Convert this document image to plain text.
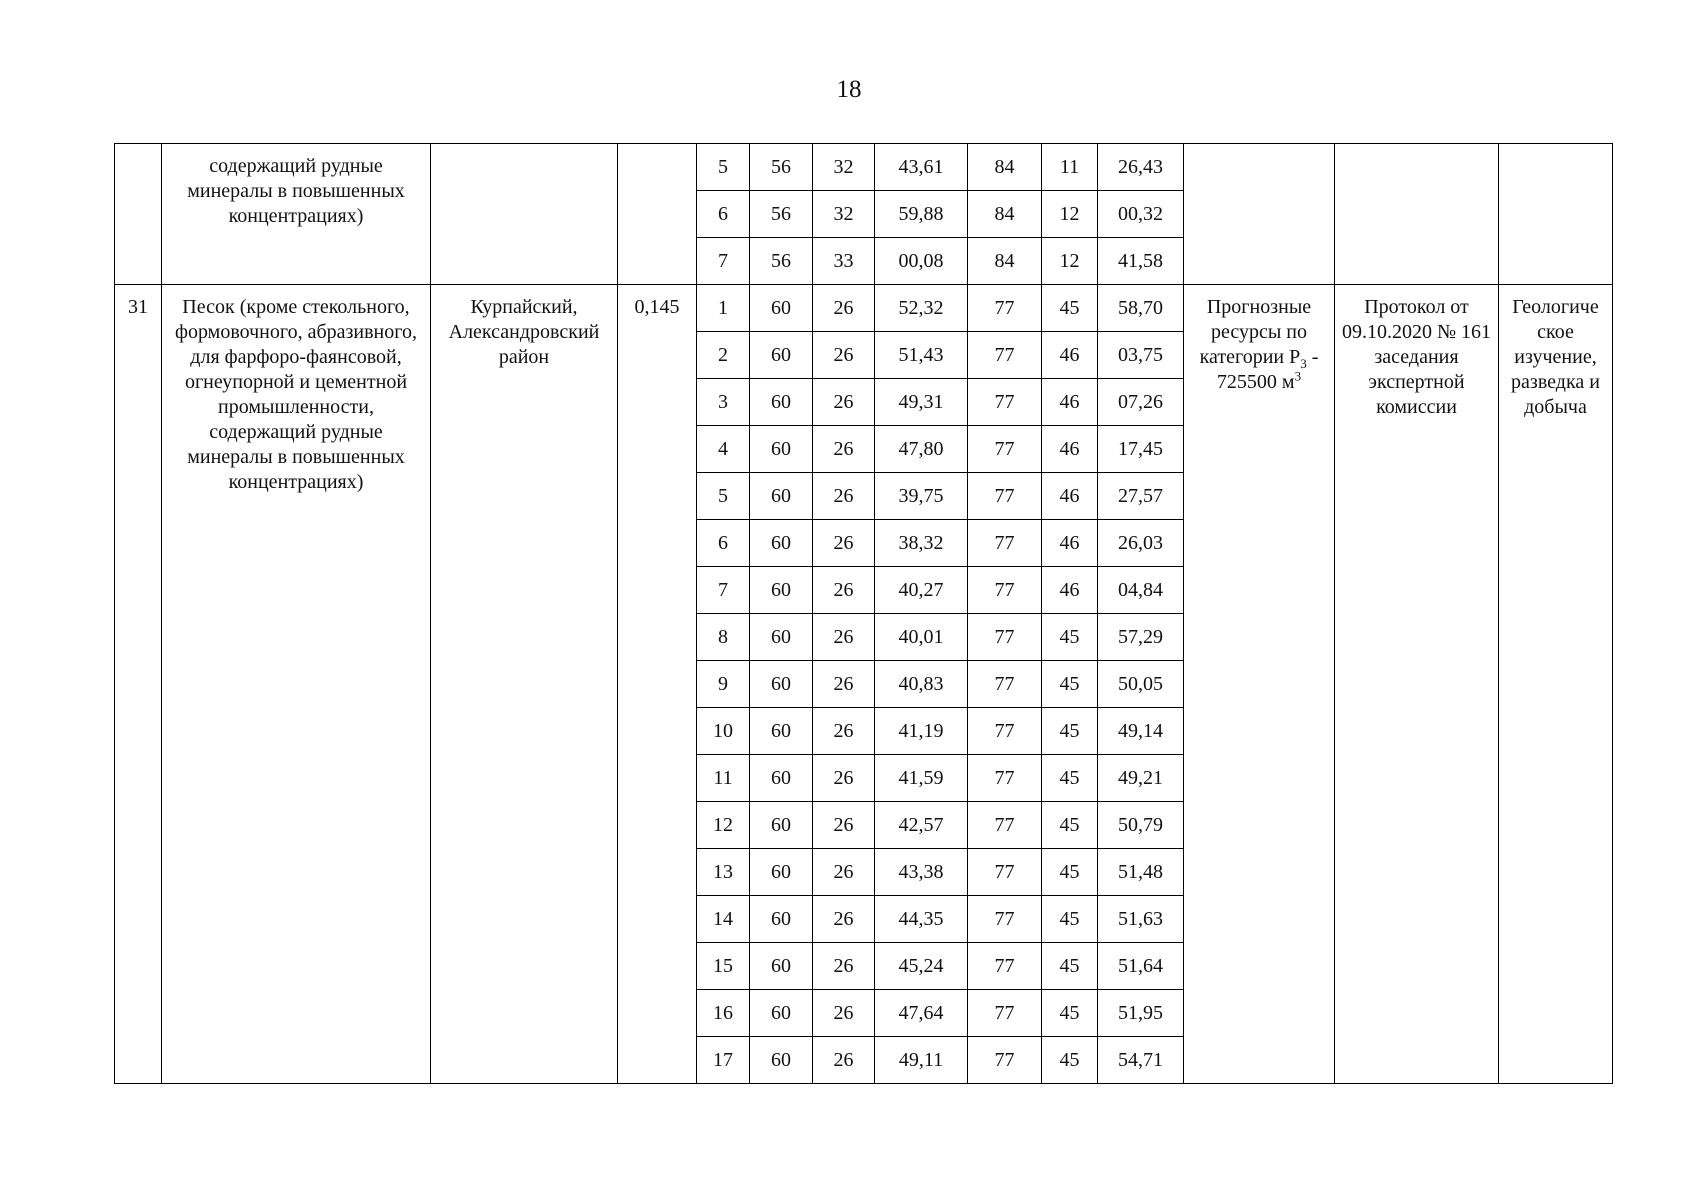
18
	содержащий рудные минералы в повышенных концентрациях)			5	56	32	43,61	84	11	26,43			
				6	56	32	59,88	84	12	00,32			
				7	56	33	00,08	84	12	41,58			
31	Песок (кроме стекольного, формовочного, абразивного, для фарфоро-фаянсовой, огнеупорной и цементной промышленности, содержащий рудные минералы в повышенных концентрациях)	Курпайский, Александровский район	0,145	1	60	26	52,32	77	45	58,70	Прогнозные ресурсы по категории $Р_3 - 725500$ $м^3$	Протокол от 09.10.2020 № 161 заседания экспертной комиссии	Геологиче ское изучение, разведка и добыча
				2	60	26	51,43	77	46	03,75			
				3	60	26	49,31	77	46	07,26			
				4	60	26	47,80	77	46	17,45			
				5	60	26	39,75	77	46	27,57			
				6	60	26	38,32	77	46	26,03			
				7	60	26	40,27	77	46	04,84			
				8	60	26	40,01	77	45	57,29			
				9	60	26	40,83	77	45	50,05			
				10	60	26	41,19	77	45	49,14			
				11	60	26	41,59	77	45	49,21			
				12	60	26	42,57	77	45	50,79			
				13	60	26	43,38	77	45	51,48			
				14	60	26	44,35	77	45	51,63			
				15	60	26	45,24	77	45	51,64			
				16	60	26	47,64	77	45	51,95			
				17	60	26	49,11	77	45	54,71			
